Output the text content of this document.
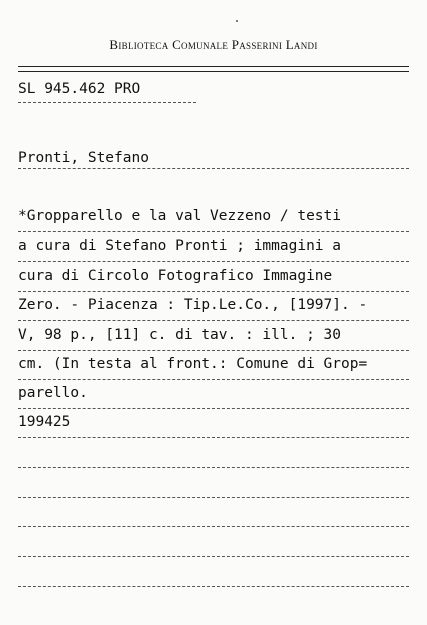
Biblioteca Comunale Passerini Landi
SL 945.462 PRO
Pronti, Stefano
*Gropparello e la val Vezzeno / testi
a cura di Stefano Pronti ; immagini a
cura di Circolo Fotografico Immagine
Zero. - Piacenza : Tip.Le.Co., [1997]. -
V, 98 p., [11] c. di tav. : ill. ; 30
cm. (In testa al front.: Comune di Grop=
parello.
199425
